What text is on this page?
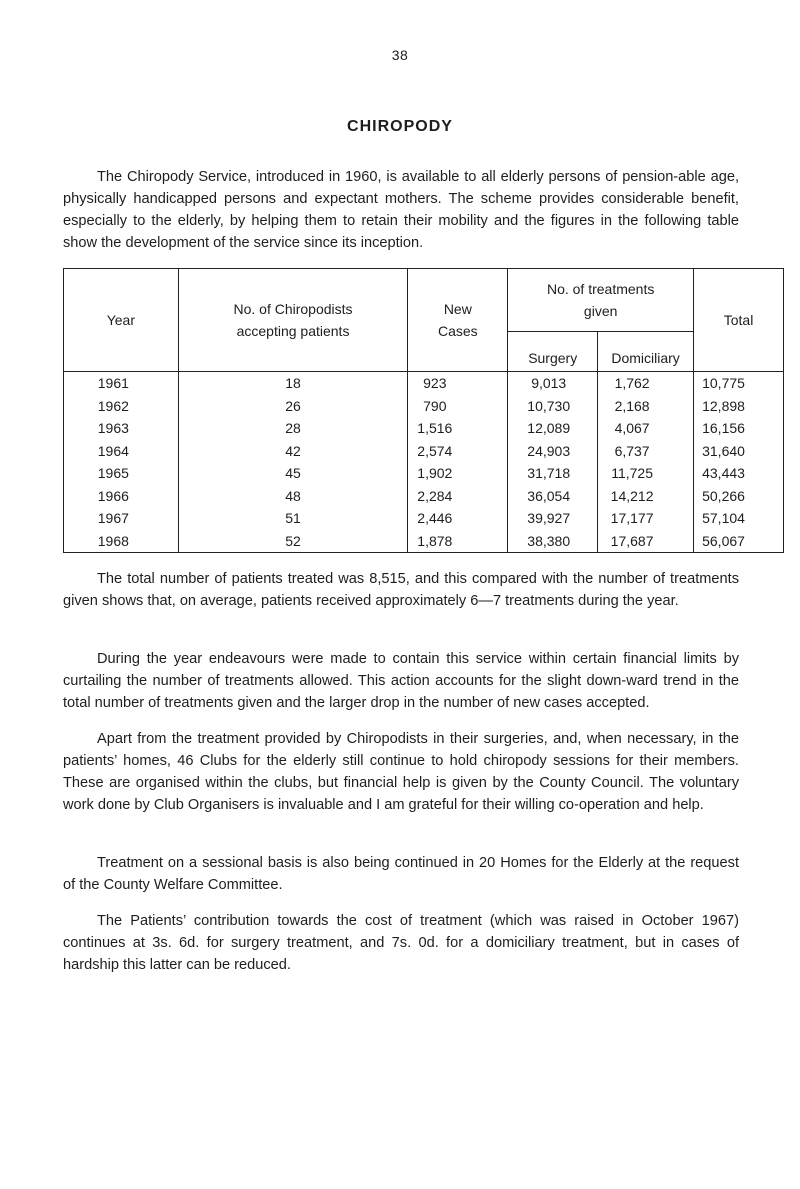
38
CHIROPODY

The Chiropody Service, introduced in 1960, is available to all elderly persons of pension-able age, physically handicapped persons and expectant mothers. The scheme provides considerable benefit, especially to the elderly, by helping them to retain their mobility and the figures in the following table show the development of the service since its inception.

Year	No. of Chiropodists accepting patients	New Cases	No. of treatments given		Total
			Surgery	Domiciliary	
1961	18	923	9,013	1,762	10,775
1962	26	790	10,730	2,168	12,898
1963	28	1,516	12,089	4,067	16,156
1964	42	2,574	24,903	6,737	31,640
1965	45	1,902	31,718	11,725	43,443
1966	48	2,284	36,054	14,212	50,266
1967	51	2,446	39,927	17,177	57,104
1968	52	1,878	38,380	17,687	56,067

The total number of patients treated was 8,515, and this compared with the number of treatments given shows that, on average, patients received approximately 6—7 treatments during the year.

During the year endeavours were made to contain this service within certain financial limits by curtailing the number of treatments allowed. This action accounts for the slight down-ward trend in the total number of treatments given and the larger drop in the number of new cases accepted.

Apart from the treatment provided by Chiropodists in their surgeries, and, when necessary, in the patients’ homes, 46 Clubs for the elderly still continue to hold chiropody sessions for their members. These are organised within the clubs, but financial help is given by the County Council. The voluntary work done by Club Organisers is invaluable and I am grateful for their willing co-operation and help.

Treatment on a sessional basis is also being continued in 20 Homes for the Elderly at the request of the County Welfare Committee.

The Patients’ contribution towards the cost of treatment (which was raised in October 1967) continues at 3s. 6d. for surgery treatment, and 7s. 0d. for a domiciliary treatment, but in cases of hardship this latter can be reduced.
